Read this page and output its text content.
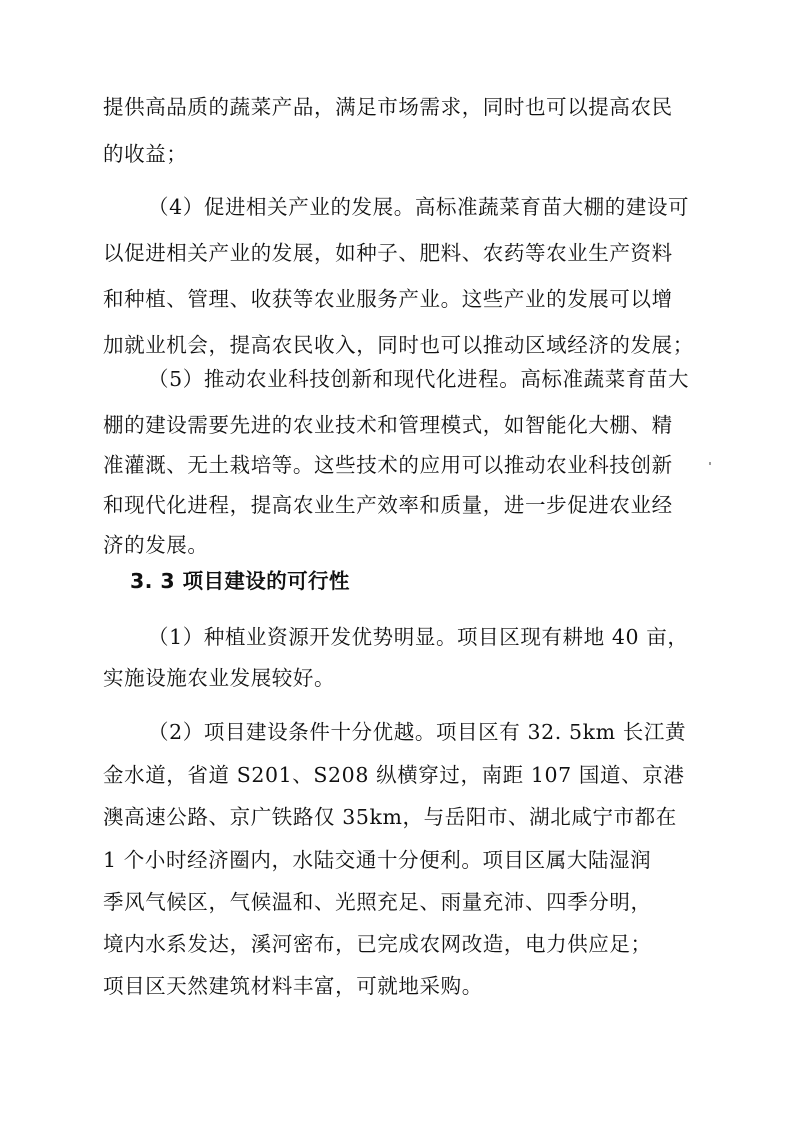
提供高品质的蔬菜产品，满足市场需求，同时也可以提高农民
的收益；
（4）促进相关产业的发展。高标准蔬菜育苗大棚的建设可
以促进相关产业的发展，如种子、肥料、农药等农业生产资料
和种植、管理、收获等农业服务产业。这些产业的发展可以增
加就业机会，提高农民收入，同时也可以推动区域经济的发展；
（5）推动农业科技创新和现代化进程。高标准蔬菜育苗大
棚的建设需要先进的农业技术和管理模式，如智能化大棚、精
准灌溉、无土栽培等。这些技术的应用可以推动农业科技创新
和现代化进程，提高农业生产效率和质量，进一步促进农业经
济的发展。
3. 3 项目建设的可行性
（1）种植业资源开发优势明显。项目区现有耕地 40 亩，
实施设施农业发展较好。
（2）项目建设条件十分优越。项目区有 32. 5km 长江黄
金水道，省道 S201、S208 纵横穿过，南距 107 国道、京港
澳高速公路、京广铁路仅 35km，与岳阳市、湖北咸宁市都在
1 个小时经济圈内，水陆交通十分便利。项目区属大陆湿润
季风气候区，气候温和、光照充足、雨量充沛、四季分明，
境内水系发达，溪河密布，已完成农网改造，电力供应足；
项目区天然建筑材料丰富，可就地采购。
